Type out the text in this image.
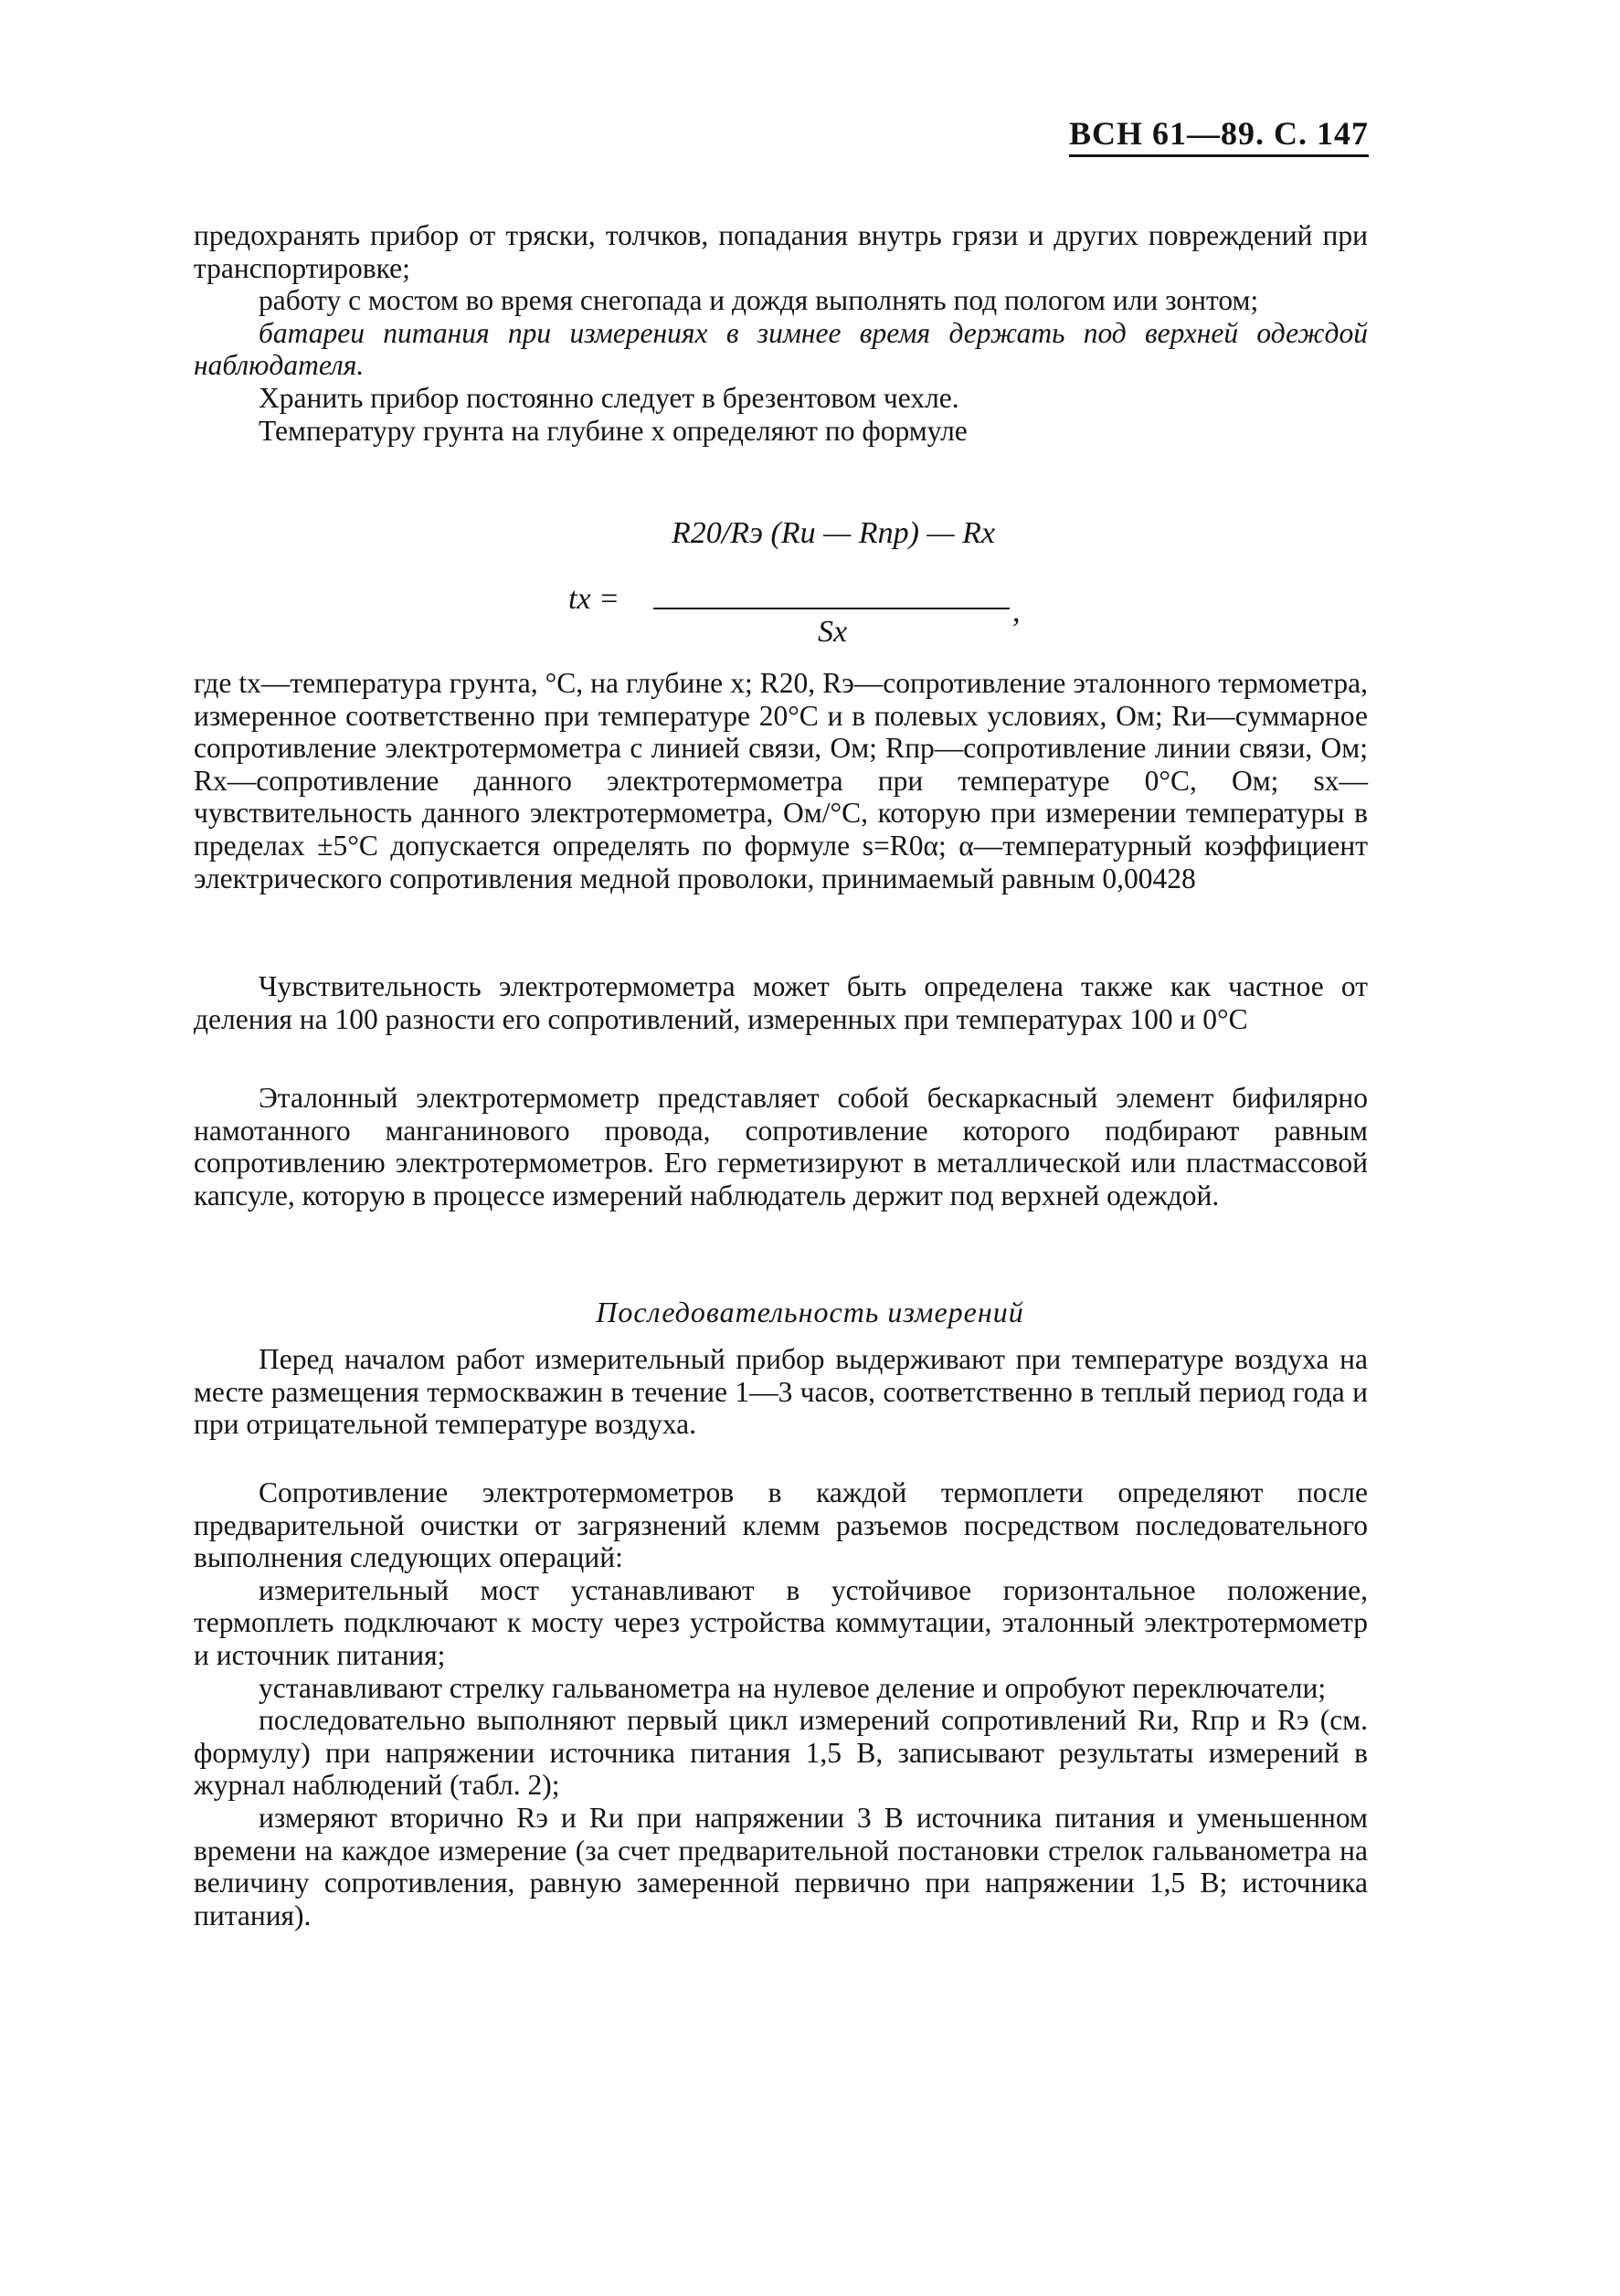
ВСН 61—89. С. 147

предохранять прибор от тряски, толчков, попадания внутрь грязи и других повреждений при транспортировке;

работу с мостом во время снегопада и дождя выполнять под пологом или зонтом;

батареи питания при измерениях в зимнее время держать под верхней одеждой наблюдателя.

Хранить прибор постоянно следует в брезентовом чехле.

Температуру грунта на глубине x определяют по формуле

tx =
R20/Rэ (Rи — Rпр) — Rx
Sx
,

где tx—температура грунта, °С, на глубине x; R20, Rэ—сопротивление эталонного термометра, измеренное соответственно при температуре 20°С и в полевых условиях, Ом; Rи—суммарное сопротивление электротермометра с линией связи, Ом; Rпр—сопротивление линии связи, Ом; Rx—сопротивление данного электротермометра при температуре 0°С, Ом; sx—чувствительность данного электротермометра, Ом/°С, которую при измерении температуры в пределах ±5°С допускается определять по формуле s=R0α; α—температурный коэффициент электрического сопротивления медной проволоки, принимаемый равным 0,00428

Чувствительность электротермометра может быть определена также как частное от деления на 100 разности его сопротивлений, измеренных при температурах 100 и 0°С

Эталонный электротермометр представляет собой бескаркасный элемент бифилярно намотанного манганинового провода, сопротивление которого подбирают равным сопротивлению электротермометров. Его герметизируют в металлической или пластмассовой капсуле, которую в процессе измерений наблюдатель держит под верхней одеждой.

Последовательность измерений

Перед началом работ измерительный прибор выдерживают при температуре воздуха на месте размещения термоскважин в течение 1—3 часов, соответственно в теплый период года и при отрицательной температуре воздуха.

Сопротивление электротермометров в каждой термоплети определяют после предварительной очистки от загрязнений клемм разъемов посредством последовательного выполнения следующих операций:

измерительный мост устанавливают в устойчивое горизонтальное положение, термоплеть подключают к мосту через устройства коммутации, эталонный электротермометр и источник питания;

устанавливают стрелку гальванометра на нулевое деление и опробуют переключатели;

последовательно выполняют первый цикл измерений сопротивлений Rи, Rпр и Rэ (см. формулу) при напряжении источника питания 1,5 В, записывают результаты измерений в журнал наблюдений (табл. 2);

измеряют вторично Rэ и Rи при напряжении 3 В источника питания и уменьшенном времени на каждое измерение (за счет предварительной постановки стрелок гальванометра на величину сопротивления, равную замеренной первично при напряжении 1,5 В; источника питания).
